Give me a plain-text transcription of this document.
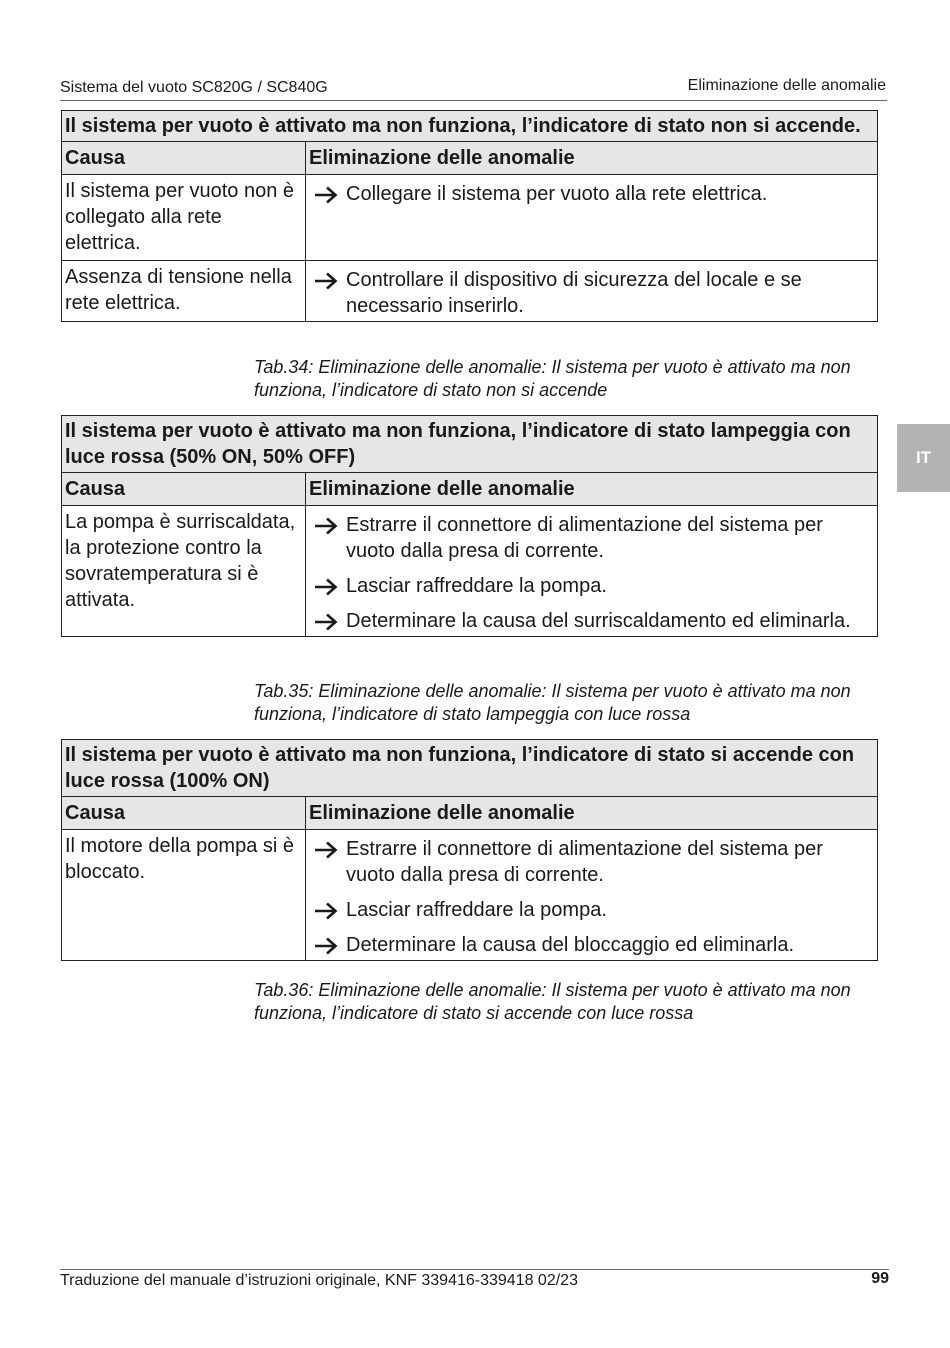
Sistema del vuoto SC820G / SC840G	Eliminazione delle anomalie
IT
Il sistema per vuoto è attivato ma non funziona, l’indicatore di stato non si accende.	
Causa	Eliminazione delle anomalie
Il sistema per vuoto non è collegato alla rete elettrica.	Collegare il sistema per vuoto alla rete elettrica.

Assenza di tensione nella rete elettrica.	Controllare il dispositivo di sicurezza del locale e se necessario inserirlo.
Tab.34: Eliminazione delle anomalie: Il sistema per vuoto è attivato ma non funziona, l’indicatore di stato non si accende
Il sistema per vuoto è attivato ma non funziona, l’indicatore di stato lampeggia con luce rossa (50% ON, 50% OFF)	
Causa	Eliminazione delle anomalie
La pompa è surriscaldata, la protezione contro la sovratemperatura si è attivata.	Estrarre il connettore di alimentazione del sistema per vuoto dalla presa di corrente.
Lasciar raffreddare la pompa.
Determinare la causa del surriscaldamento ed eliminarla.
Tab.35: Eliminazione delle anomalie: Il sistema per vuoto è attivato ma non funziona, l’indicatore di stato lampeggia con luce rossa
Il sistema per vuoto è attivato ma non funziona, l’indicatore di stato si accende con luce rossa (100% ON)	
Causa	Eliminazione delle anomalie
Il motore della pompa si è bloccato.	Estrarre il connettore di alimentazione del sistema per vuoto dalla presa di corrente.
Lasciar raffreddare la pompa.
Determinare la causa del bloccaggio ed eliminarla.
Tab.36: Eliminazione delle anomalie: Il sistema per vuoto è attivato ma non funziona, l’indicatore di stato si accende con luce rossa
Traduzione del manuale d’istruzioni originale, KNF 339416-339418 02/23	99
